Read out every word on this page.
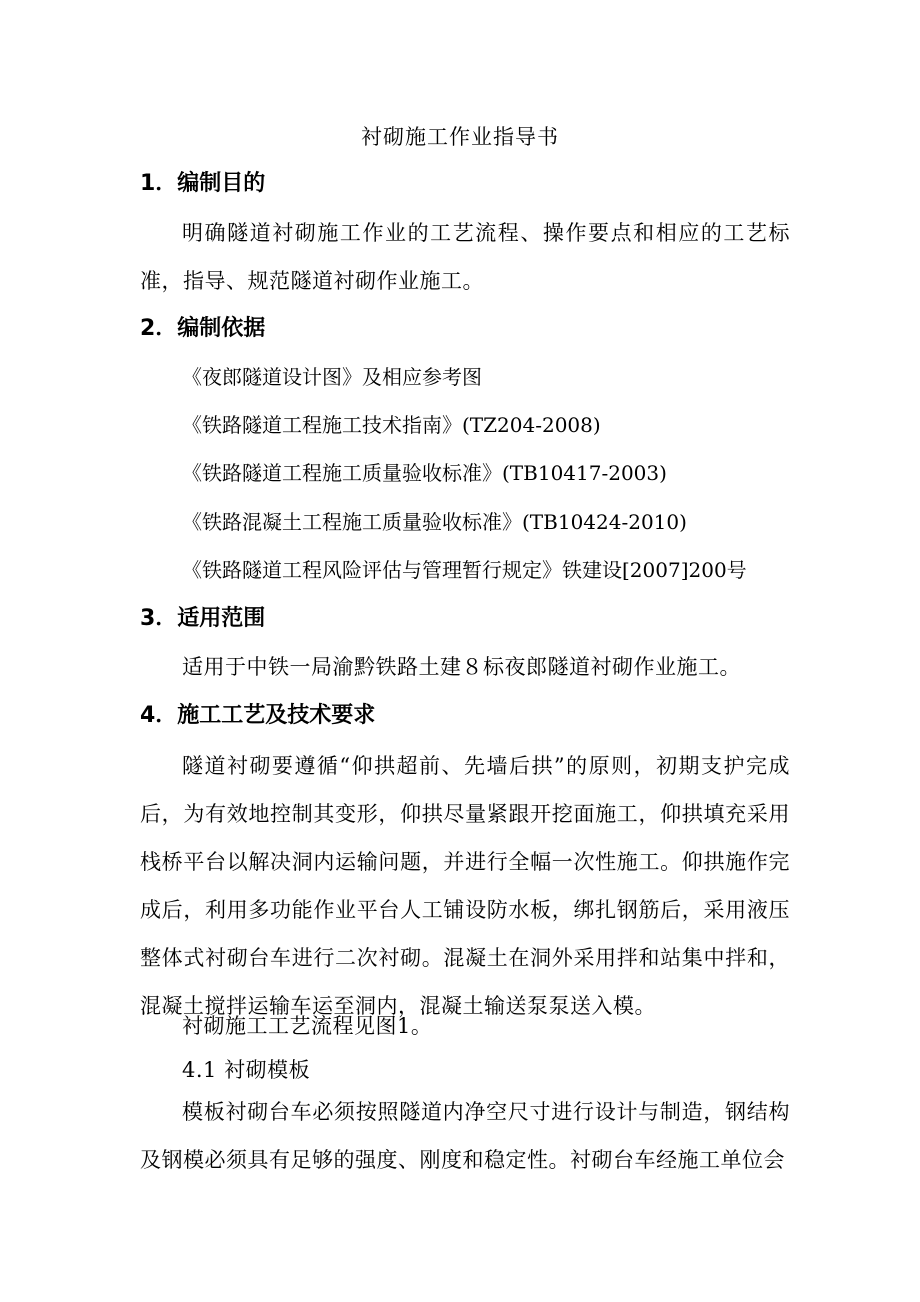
衬砌施工作业指导书
1．编制目的
明确隧道衬砌施工作业的工艺流程、操作要点和相应的工艺标准，指导、规范隧道衬砌作业施工。
2．编制依据
《夜郎隧道设计图》及相应参考图
《铁路隧道工程施工技术指南》(TZ204-2008)
《铁路隧道工程施工质量验收标准》(TB10417-2003)
《铁路混凝土工程施工质量验收标准》(TB10424-2010)
《铁路隧道工程风险评估与管理暂行规定》铁建设[2007]200号
3．适用范围
适用于中铁一局渝黔铁路土建８标夜郎隧道衬砌作业施工。
4．施工工艺及技术要求
隧道衬砌要遵循“仰拱超前、先墙后拱”的原则，初期支护完成后，为有效地控制其变形，仰拱尽量紧跟开挖面施工，仰拱填充采用栈桥平台以解决洞内运输问题，并进行全幅一次性施工。仰拱施作完成后，利用多功能作业平台人工铺设防水板，绑扎钢筋后，采用液压整体式衬砌台车进行二次衬砌。混凝土在洞外采用拌和站集中拌和，混凝土搅拌运输车运至洞内，混凝土输送泵泵送入模。
衬砌施工工艺流程见图1。
4.1 衬砌模板
模板衬砌台车必须按照隧道内净空尺寸进行设计与制造，钢结构及钢模必须具有足够的强度、刚度和稳定性。衬砌台车经施工单位会
